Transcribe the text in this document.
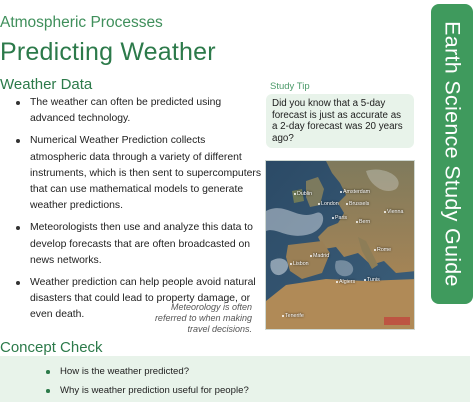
Atmospheric Processes
Predicting Weather
Weather Data
The weather can often be predicted using advanced technology.
Numerical Weather Prediction collects atmospheric data through a variety of different instruments, which is then sent to supercomputers that can use mathematical models to generate weather predictions.
Meteorologists then use and analyze this data to develop forecasts that are often broadcasted on news networks.
Weather prediction can help people avoid natural disasters that could lead to property damage, or even death.
Meteorology is often referred to when making travel decisions.
Study Tip
Did you know that a 5-day forecast is just as accurate as a 2-day forecast was 20 years ago?
Dublin
London
Amsterdam
Brussels
Paris
Bern
Vienna
Rome
Madrid
Lisbon
Algiers	Tunis
Tenerife
Earth Science Study Guide
Concept Check
How is the weather predicted?
Why is weather prediction useful for people?
